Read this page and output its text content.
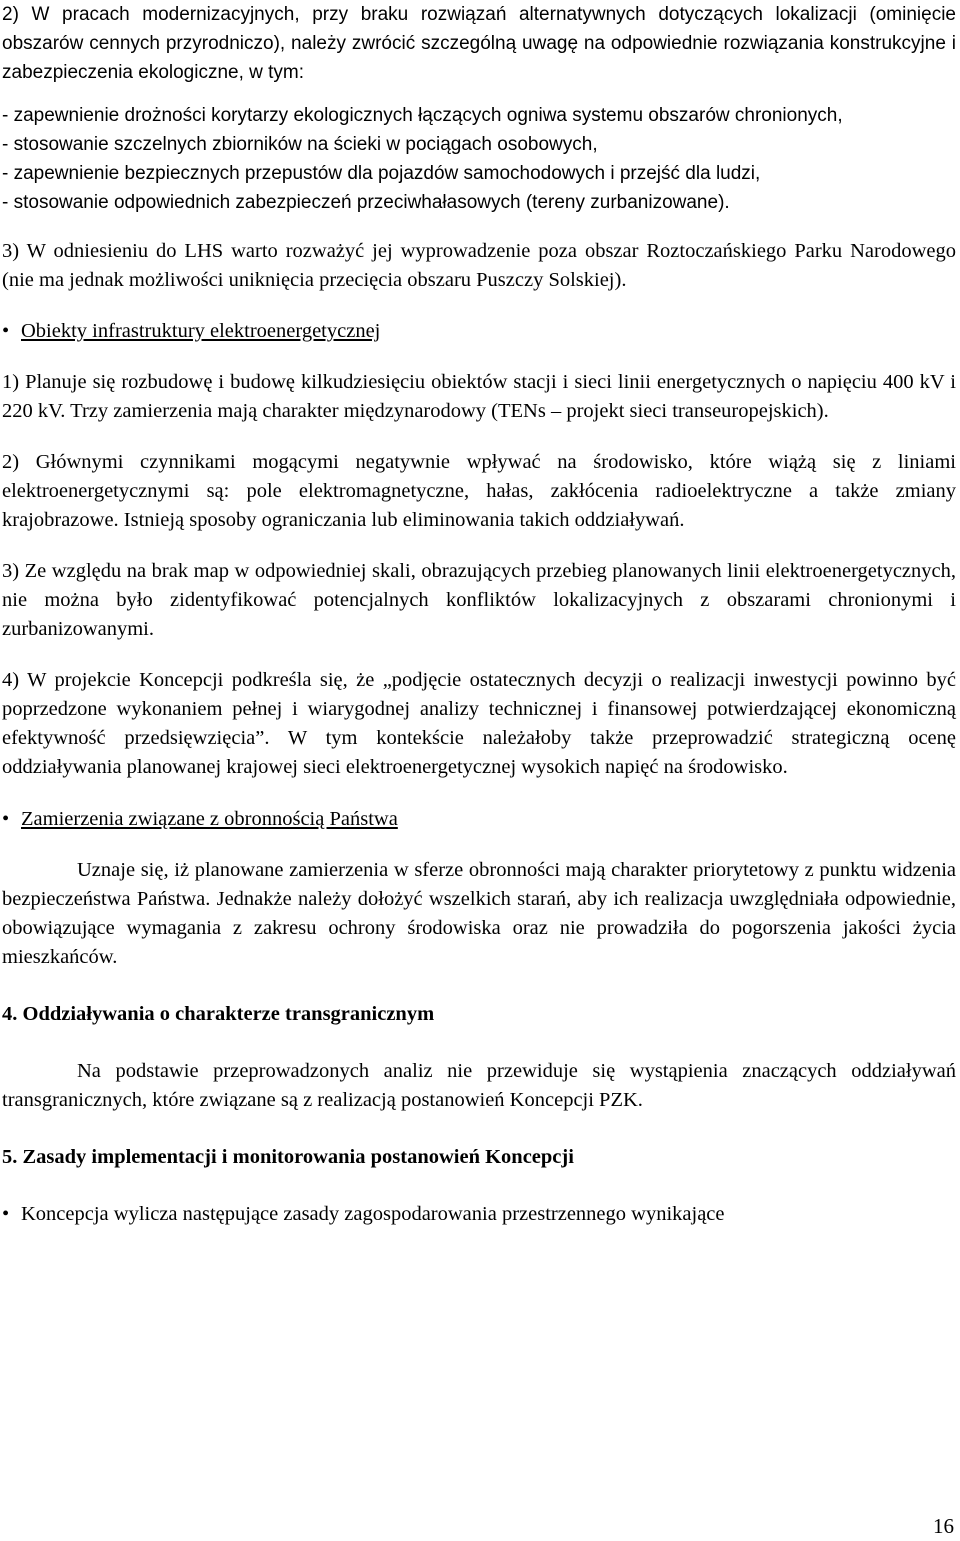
2) W pracach modernizacyjnych, przy braku rozwiązań alternatywnych dotyczących lokalizacji (ominięcie obszarów cennych przyrodniczo), należy zwrócić szczególną uwagę na odpowiednie rozwiązania konstrukcyjne i zabezpieczenia ekologiczne, w tym:

- zapewnienie drożności korytarzy ekologicznych łączących ogniwa systemu obszarów chronionych,

- stosowanie szczelnych zbiorników na ścieki w pociągach osobowych,

- zapewnienie bezpiecznych przepustów dla pojazdów samochodowych i przejść dla ludzi,

- stosowanie odpowiednich zabezpieczeń przeciwhałasowych (tereny zurbanizowane).

3) W odniesieniu do LHS warto rozważyć jej wyprowadzenie poza obszar Roztoczańskiego Parku Narodowego (nie ma jednak możliwości uniknięcia przecięcia obszaru Puszczy Solskiej).

• Obiekty infrastruktury elektroenergetycznej

1) Planuje się rozbudowę i budowę kilkudziesięciu obiektów stacji i sieci linii energetycznych o napięciu 400 kV i 220 kV. Trzy zamierzenia mają charakter międzynarodowy (TENs – projekt sieci transeuropejskich).

2) Głównymi czynnikami mogącymi negatywnie wpływać na środowisko, które wiążą się z liniami elektroenergetycznymi są: pole elektromagnetyczne, hałas, zakłócenia radioelektryczne a także zmiany krajobrazowe. Istnieją sposoby ograniczania lub eliminowania takich oddziaływań.

3) Ze względu na brak map w odpowiedniej skali, obrazujących przebieg planowanych linii elektroenergetycznych, nie można było zidentyfikować potencjalnych konfliktów lokalizacyjnych z obszarami chronionymi i zurbanizowanymi.

4) W projekcie Koncepcji podkreśla się, że „podjęcie ostatecznych decyzji o realizacji inwestycji powinno być poprzedzone wykonaniem pełnej i wiarygodnej analizy technicznej i finansowej potwierdzającej ekonomiczną efektywność przedsięwzięcia”. W tym kontekście należałoby także przeprowadzić strategiczną ocenę oddziaływania planowanej krajowej sieci elektroenergetycznej wysokich napięć na środowisko.

• Zamierzenia związane z obronnością Państwa

Uznaje się, iż planowane zamierzenia w sferze obronności mają charakter priorytetowy z punktu widzenia bezpieczeństwa Państwa. Jednakże należy dołożyć wszelkich starań, aby ich realizacja uwzględniała odpowiednie, obowiązujące wymagania z zakresu ochrony środowiska oraz nie prowadziła do pogorszenia jakości życia mieszkańców.

4. Oddziaływania o charakterze transgranicznym

Na podstawie przeprowadzonych analiz nie przewiduje się wystąpienia znaczących oddziaływań transgranicznych, które związane są z realizacją postanowień Koncepcji PZK.

5. Zasady implementacji i monitorowania postanowień Koncepcji
• Koncepcja wylicza następujące zasady zagospodarowania przestrzennego wynikające
16
